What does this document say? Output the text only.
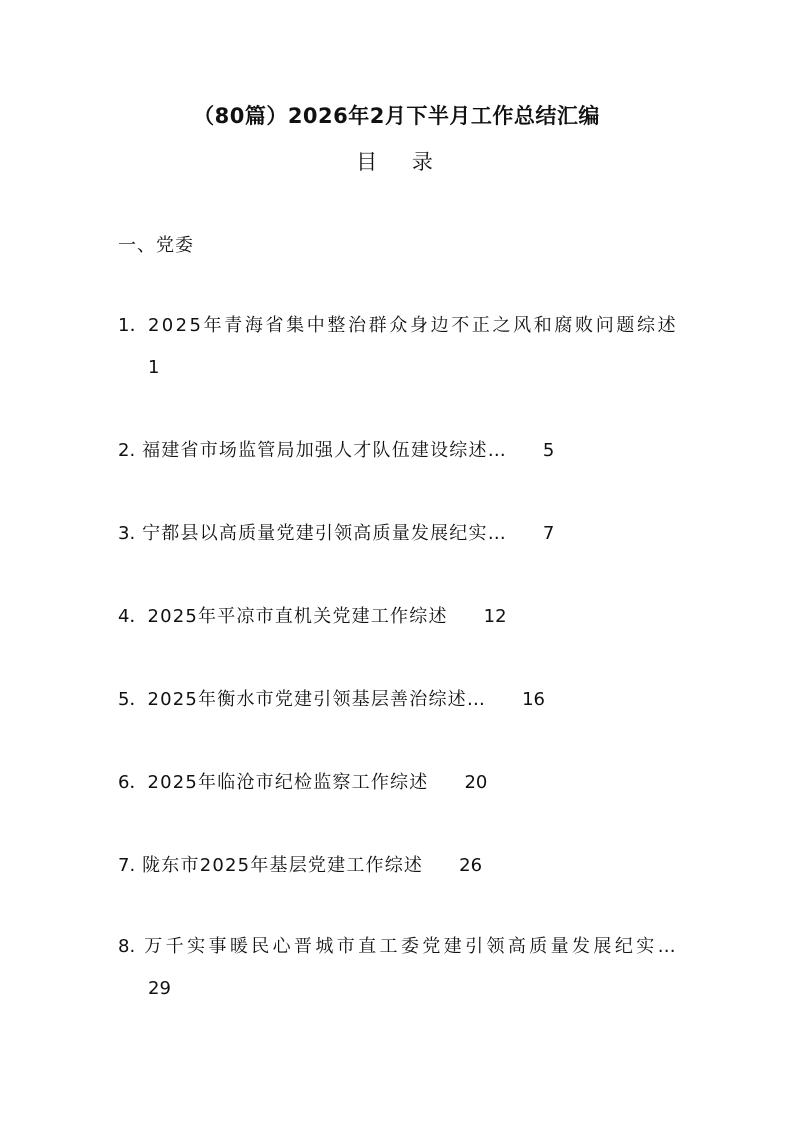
（80篇）2026年2月下半月工作总结汇编
目 录
一、党委
1．2025年青海省集中整治群众身边不正之风和腐败问题综述1
2. 福建省市场监管局加强人才队伍建设综述… 5
3. 宁都县以高质量党建引领高质量发展纪实… 7
4．2025年平凉市直机关党建工作综述 12
5．2025年衡水市党建引领基层善治综述… 16
6．2025年临沧市纪检监察工作综述 20
7. 陇东市2025年基层党建工作综述 26
8. 万千实事暖民心晋城市直工委党建引领高质量发展纪实…29
